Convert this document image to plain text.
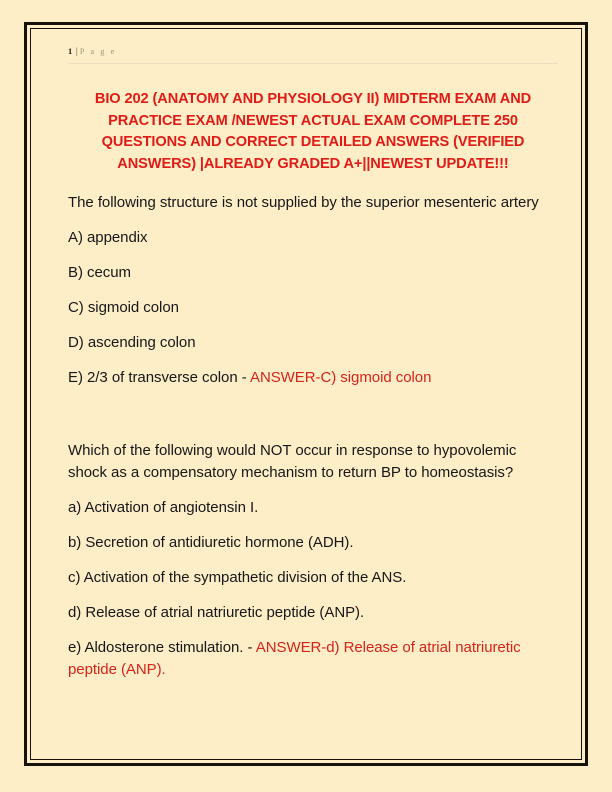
1 | P a g e
BIO 202 (ANATOMY AND PHYSIOLOGY II) MIDTERM EXAM AND PRACTICE EXAM /NEWEST ACTUAL EXAM COMPLETE 250 QUESTIONS AND CORRECT DETAILED ANSWERS (VERIFIED ANSWERS) |ALREADY GRADED A+||NEWEST UPDATE!!!

The following structure is not supplied by the superior mesenteric artery

A) appendix

B) cecum

C) sigmoid colon

D) ascending colon

E) 2/3 of transverse colon - ANSWER-C) sigmoid colon

Which of the following would NOT occur in response to hypovolemic shock as a compensatory mechanism to return BP to homeostasis?

a) Activation of angiotensin I.

b) Secretion of antidiuretic hormone (ADH).

c) Activation of the sympathetic division of the ANS.

d) Release of atrial natriuretic peptide (ANP).

e) Aldosterone stimulation. - ANSWER-d) Release of atrial natriuretic peptide (ANP).
